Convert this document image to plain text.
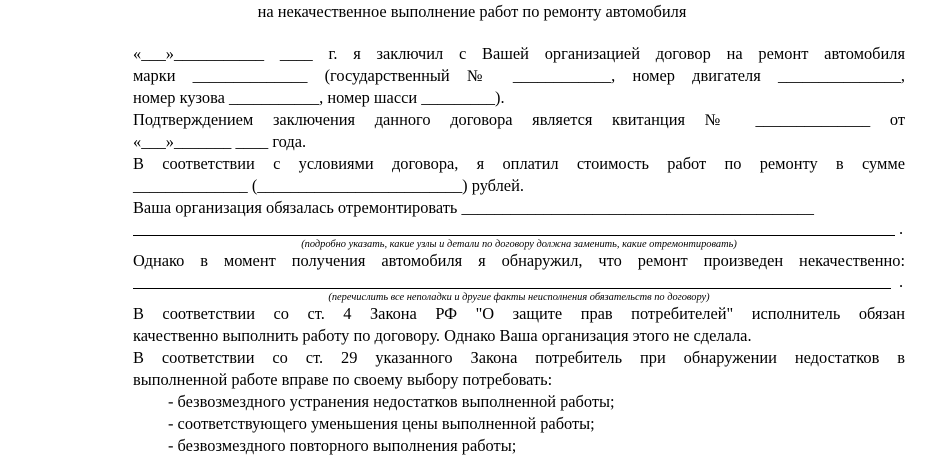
на некачественное выполнение работ по ремонту автомобиля

«___»___________ ____ г. я заключил с Вашей организацией договор на ремонт автомобиля

марки ______________ (государственный № ____________, номер двигателя _______________,

номер кузова ___________, номер шасси _________).

Подтверждением заключения данного договора является квитанция № ______________ от

«___»_______ ____ года.

В соответствии с условиями договора, я оплатил стоимость работ по ремонту в сумме

______________ (_________________________) рублей.

Ваша организация обязалась отремонтировать ___________________________________________

.

(подробно указать, какие узлы и детали по договору должна заменить, какие отремонтировать)

Однако в момент получения автомобиля я обнаружил, что ремонт произведен некачественно:

.

(перечислить все неполадки и другие факты неисполнения обязательств по договору)

В соответствии со ст. 4 Закона РФ "О защите прав потребителей" исполнитель обязан

качественно выполнить работу по договору. Однако Ваша организация этого не сделала.

В соответствии со ст. 29 указанного Закона потребитель при обнаружении недостатков в

выполненной работе вправе по своему выбору потребовать:

- безвозмездного устранения недостатков выполненной работы;

- соответствующего уменьшения цены выполненной работы;

- безвозмездного повторного выполнения работы;
